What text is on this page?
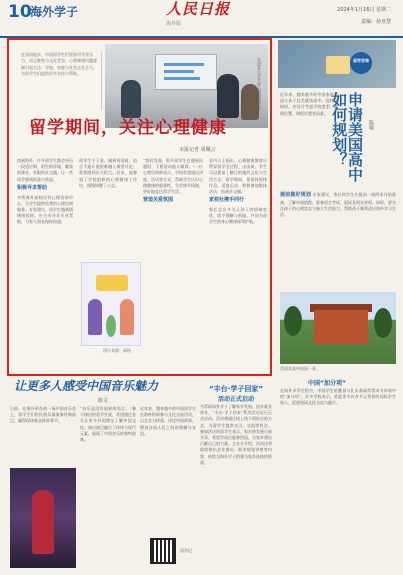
10
海外学子	人民日报
海外版
2024年1月16日 星期二
责编：孙亚慧
在异国他乡，中国留学生们要面对学业压力、语言壁垒与文化差异，心理健康问题逐渐引起关注。学校、家庭与社会正在合力，为留学生们提供更多支持与帮助。	英国某大学开展心理健康讲座。
留学期间，关注心理健康
本报记者 周佩言
初到海外，许多留学生都会经历一段适应期。陌生的环境、繁重的课业、有限的社交圈，让一些同学感到孤独与焦虑。
积极寻求帮助
多所海外高校设有心理咨询中心，为学生提供免费的心理咨询服务。专家建议，留学生遇到情绪困扰时，应主动寻求专业帮助，与家人朋友保持沟通。
留学生小王说，刚到英国时，语言不通让他很难融入课堂讨论，常常感到压力很大。后来，他参加了学校组织的心理健康工作坊，慢慢调整了心态。
图片来源：网络
“我们发现，很多留学生在遇到问题时，不愿意向他人倾诉。”一位心理咨询师表示，学校希望通过讲座、活动等方式，帮助学生认识心理健康的重要性，学会调节情绪，更好地度过留学生活。
营造关爱氛围
业内人士指出，心理健康教育应贯穿留学全过程。出国前，学生可以提前了解目的地的文化与生活方式；留学期间，要保持规律作息，适度运动，积极参加集体活动，拓展社交圈。
家校社携手同行
家长也应多关心孩子的情绪变化，给予理解与鼓励，共同为留学生的身心健康保驾护航。
留学咨询
申请美国高中如何规划？	陈敏
近年来，越来越多的中国家庭考虑让孩子赴美就读高中。选择学校时，应综合考虑学校类型、地理位置、课程设置等因素。
提前做好规划 专家建议，家长和学生应提前一到两年开始准备，了解申请流程，准备语言考试、面试及相关材料。同时，要关注孩子的心理状态与独立生活能力，帮助孩子顺利适应海外学习生活。
美国某高中校园一景。
中国“加分项”
在海外求学过程中，中国学生的勤奋与扎实基础常常成为申请中的“加分项”。许多学校表示，欢迎更多具有多元背景的国际学生加入，促进校园文化交流与融合。
让更多人感受中国音乐魅力
陈文
日前，在海外举办的一场中国音乐会上，留学生们用民族乐器演奏经典曲目，赢得现场观众阵阵掌声。
“音乐是没有国界的语言。”参与演出的留学生说，希望通过音乐让更多外国朋友了解中国文化。演出曲目融合了传统与现代元素，展现了中国音乐的独特韵味。
近年来，越来越多的中国留学生在海外积极参与文化交流活动，以艺术为桥梁，讲述中国故事，增进各国人民之间的理解与友谊。
留学记
“丰台·学子回家”
活动正式启动
为帮助海外学子了解家乡发展、回乡就业创业，“丰台·学子回家”系列活动近日正式启动。活动将通过线上线下相结合的方式，为留学生提供实习、交流等机会。 参加活动的留学生表示，家乡的发展日新月异，希望学成后能够回国，为家乡建设贡献自己的力量。主办方介绍，活动还将陆续推出企业参访、职业规划讲座等内容，持续为海外学子搭建与家乡连接的桥梁。
